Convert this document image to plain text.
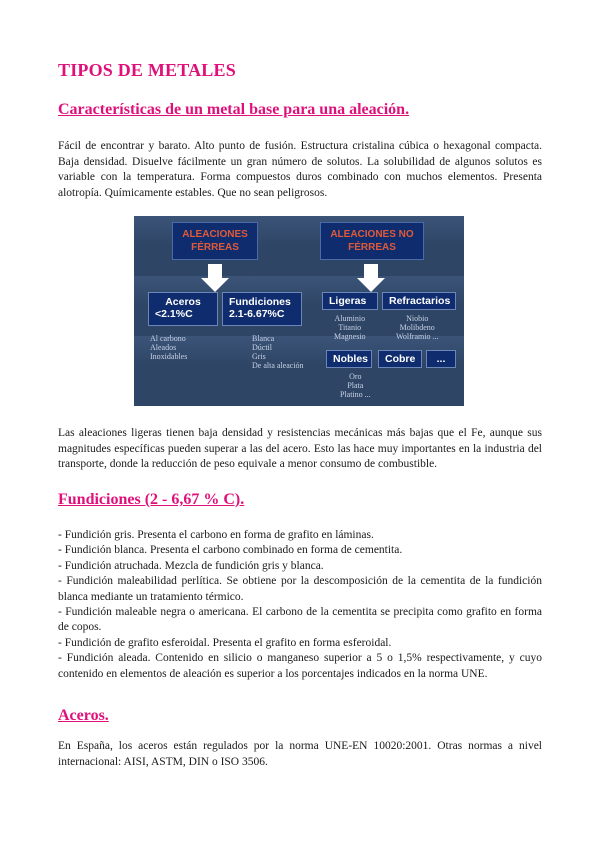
TIPOS DE METALES
Características de un metal base para una aleación.
Fácil de encontrar y barato. Alto punto de fusión. Estructura cristalina cúbica o hexagonal compacta. Baja densidad. Disuelve fácilmente un gran número de solutos. La solubilidad de algunos solutos es variable con la temperatura. Forma compuestos duros combinado con muchos elementos. Presenta alotropía. Químicamente estables. Que no sean peligrosos.
ALEACIONES
FÉRREAS
ALEACIONES NO
FÉRREAS
Aceros
<2.1%C
Al carbono
Aleados
Inoxidables
Fundiciones
2.1-6.67%C
Blanca
Dúctil
Gris
De alta aleación
Ligeras
Aluminio
Titanio
Magnesio
Refractarios
Niobio
Molibdeno
Wolframio ...
Nobles
Oro
Plata
Platino ...
Cobre	...
Las aleaciones ligeras tienen baja densidad y resistencias mecánicas más bajas que el Fe, aunque sus magnitudes específicas pueden superar a las del acero. Esto las hace muy importantes en la industria del transporte, donde la reducción de peso equivale a menor consumo de combustible.
Fundiciones (2 - 6,67 % C).
- Fundición gris. Presenta el carbono en forma de grafito en láminas.
- Fundición blanca. Presenta el carbono combinado en forma de cementita.
- Fundición atruchada. Mezcla de fundición gris y blanca.
- Fundición maleabilidad perlítica. Se obtiene por la descomposición de la cementita de la fundición blanca mediante un tratamiento térmico.
- Fundición maleable negra o americana. El carbono de la cementita se precipita como grafito en forma de copos.
- Fundición de grafito esferoidal. Presenta el grafito en forma esferoidal.
- Fundición aleada. Contenido en silicio o manganeso superior a 5 o 1,5% respectivamente, y cuyo contenido en elementos de aleación es superior a los porcentajes indicados en la norma UNE.
Aceros.
En España, los aceros están regulados por la norma UNE-EN 10020:2001. Otras normas a nivel internacional: AISI, ASTM, DIN o ISO 3506.
